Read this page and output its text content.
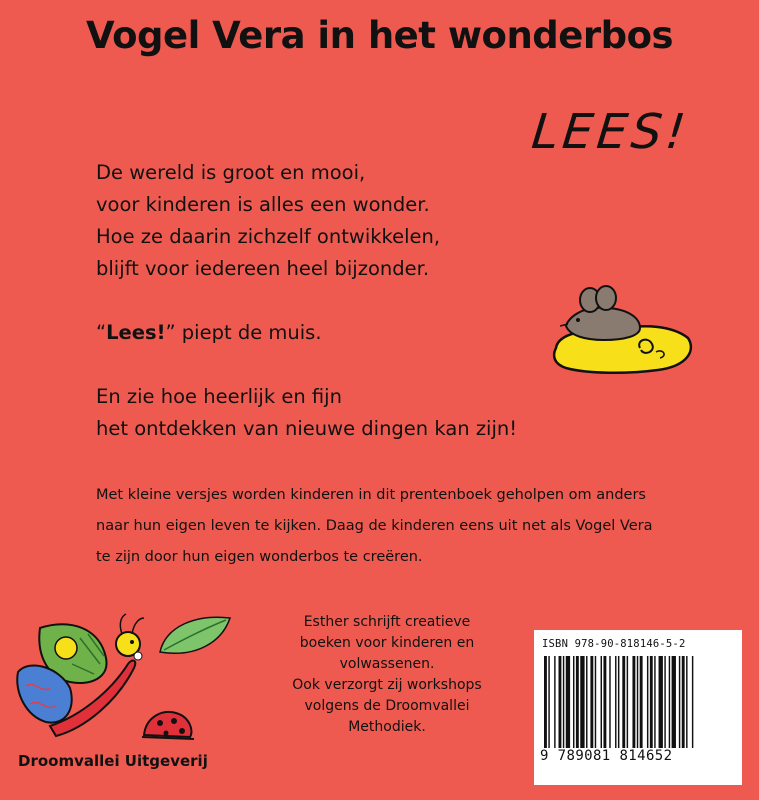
Vogel Vera in het wonderbos
LEES!

De wereld is groot en mooi,

voor kinderen is alles een wonder.

Hoe ze daarin zichzelf ontwikkelen,

blijft voor iedereen heel bijzonder.

“Lees!” piept de muis.

En zie hoe heerlijk en fijn

het ontdekken van nieuwe dingen kan zijn!

Met kleine versjes worden kinderen in dit prentenboek geholpen om anders

naar hun eigen leven te kijken. Daag de kinderen eens uit net als Vogel Vera

te zijn door hun eigen wonderbos te creëren.

Esther schrijft creatieve

boeken voor kinderen en

volwassenen.

Ook verzorgt zij workshops

volgens de Droomvallei

Methodiek.

ISBN 978-90-818146-5-2
9 789081 814652
Droomvallei Uitgeverij
